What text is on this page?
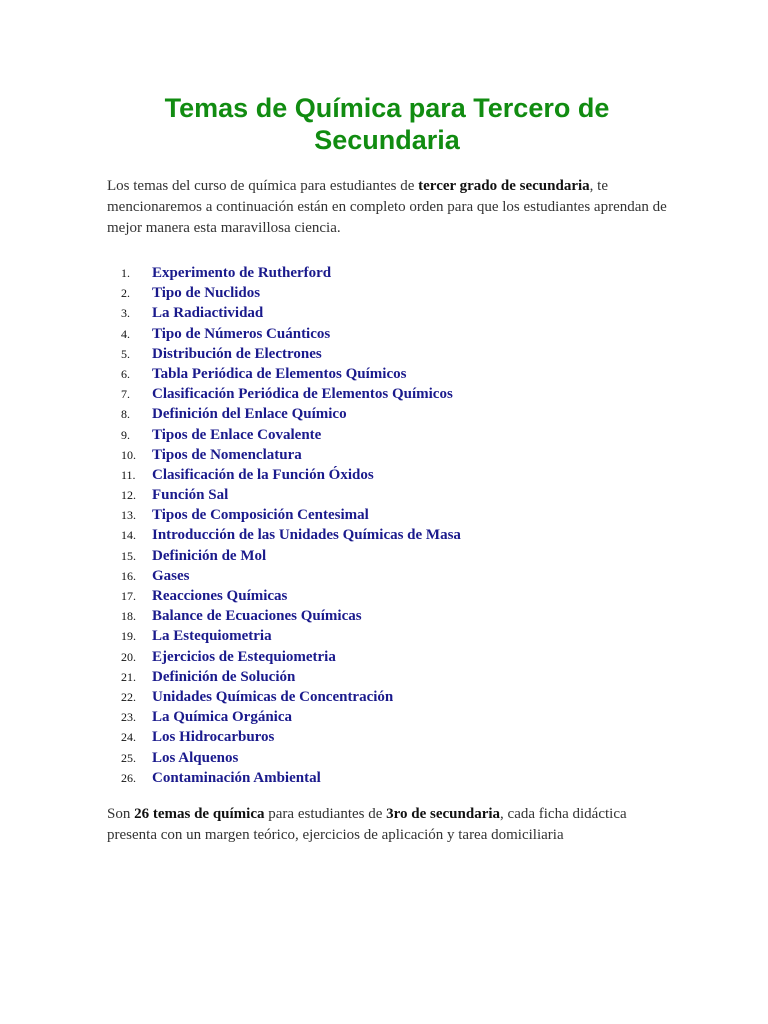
Temas de Química para Tercero de Secundaria

Los temas del curso de química para estudiantes de tercer grado de secundaria, te mencionaremos a continuación están en completo orden para que los estudiantes aprendan de mejor manera esta maravillosa ciencia.

1. Experimento de Rutherford
2. Tipo de Nuclidos
3. La Radiactividad
4. Tipo de Números Cuánticos
5. Distribución de Electrones
6. Tabla Periódica de Elementos Químicos
7. Clasificación Periódica de Elementos Químicos
8. Definición del Enlace Químico
9. Tipos de Enlace Covalente
10. Tipos de Nomenclatura
11. Clasificación de la Función Óxidos
12. Función Sal
13. Tipos de Composición Centesimal
14. Introducción de las Unidades Químicas de Masa
15. Definición de Mol
16. Gases
17. Reacciones Químicas
18. Balance de Ecuaciones Químicas
19. La Estequiometria
20. Ejercicios de Estequiometria
21. Definición de Solución
22. Unidades Químicas de Concentración
23. La Química Orgánica
24. Los Hidrocarburos
25. Los Alquenos
26. Contaminación Ambiental

Son 26 temas de química para estudiantes de 3ro de secundaria, cada ficha didáctica presenta con un margen teórico, ejercicios de aplicación y tarea domiciliaria
